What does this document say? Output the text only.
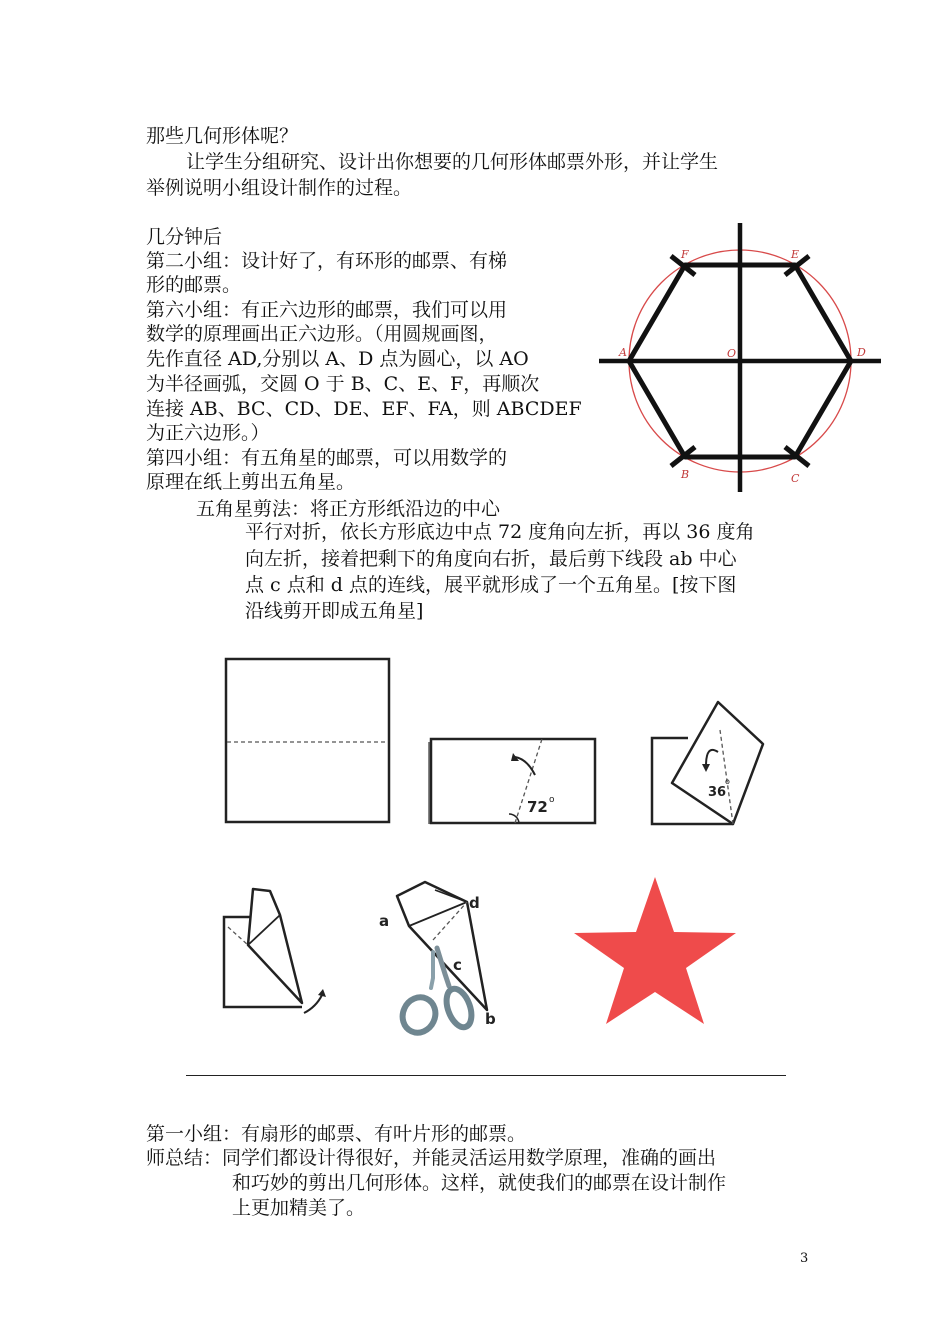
那些几何形体呢？
让学生分组研究、设计出你想要的几何形体邮票外形，并让学生
举例说明小组设计制作的过程。
几分钟后
第二小组：设计好了，有环形的邮票、有梯
形的邮票。
第六小组：有正六边形的邮票，我们可以用
数学的原理画出正六边形。（用圆规画图，
先作直径 AD,分别以 A、D 点为圆心，以 AO
为半径画弧，交圆 O 于 B、C、E、F，再顺次
连接 AB、BC、CD、DE、EF、FA，则 ABCDEF
为正六边形。）
第四小组：有五角星的邮票，可以用数学的
原理在纸上剪出五角星。
五角星剪法：将正方形纸沿边的中心
平行对折，依长方形底边中点 72 度角向左折，再以 36 度角
向左折，接着把剩下的角度向右折，最后剪下线段 ab 中心
点 c 点和 d 点的连线，展平就形成了一个五角星。[按下图
沿线剪开即成五角星]
第一小组：有扇形的邮票、有叶片形的邮票。
师总结：同学们都设计得很好，并能灵活运用数学原理，准确的画出
和巧妙的剪出几何形体。这样，就使我们的邮票在设计制作
上更加精美了。
3
F	E
A	O	D
B	C
72 o	36
o
a
d
c
b
